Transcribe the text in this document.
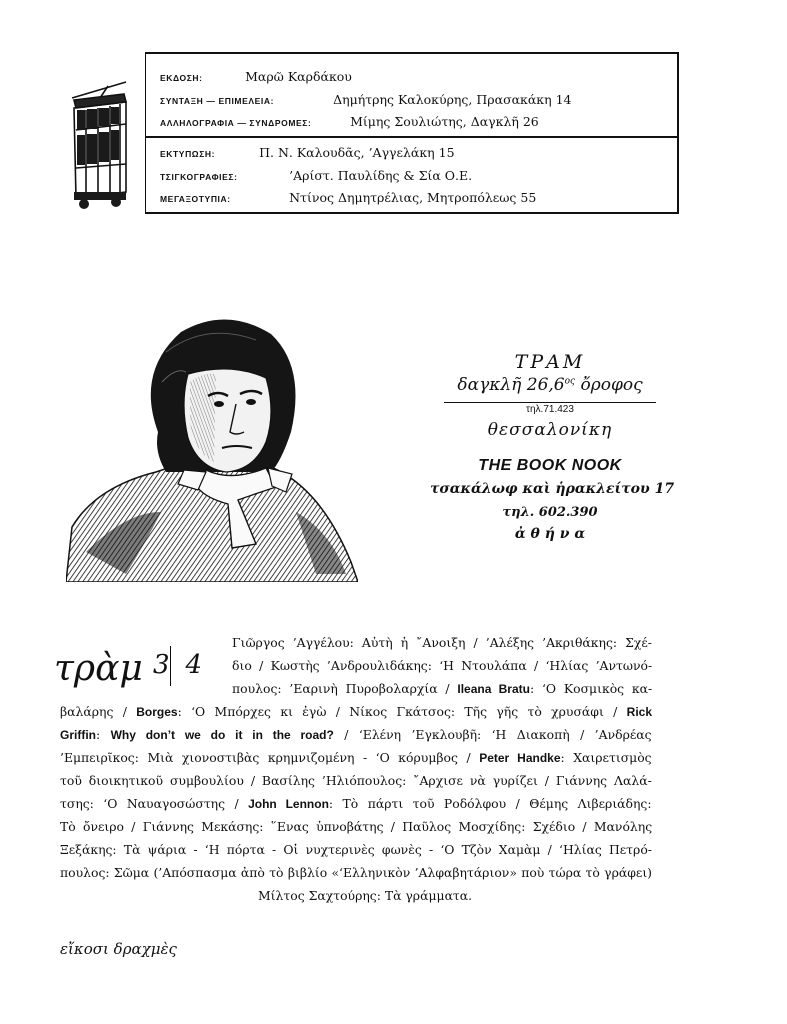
ΕΚΔΟΣΗ:	Μαρῶ Καρδάκου
ΣΥΝΤΑΞΗ — ΕΠΙΜΕΛΕΙΑ:	Δημήτρης Καλοκύρης, Πρασακάκη 14
ΑΛΛΗΛΟΓΡΑΦΙΑ — ΣΥΝΔΡΟΜΕΣ:	Μίμης Σουλιώτης, Δαγκλῆ 26
ΕΚΤΥΠΩΣΗ:	Π. Ν. Καλουδᾶς, ’Αγγελάκη 15
ΤΣΙΓΚΟΓΡΑΦΙΕΣ:	’Αρίστ. Παυλίδης & Σία Ο.Ε.
ΜΕΓΑΞΟΤΥΠΙΑ:	Ντίνος Δημητρέλιας, Μητροπόλεως 55
ΤΡΑΜ
δαγκλῆ $26,6^{o\varsigma}$ ὄροφος
τηλ.71.423
θεσσαλονίκη
THE BOOK NOOK
τσακάλωφ καὶ ἡρακλείτου 17
τηλ. 602.390
ἀ θ ή ν α
τρὰμ 3 4
Γιῶργος ’Αγγέλου: Αὐτὴ ἡ ῎Ανοιξη / ’Αλέξης ’Ακριθάκης: Σχέ-
διο / Κωστὴς ’Ανδρουλιδάκης: ‘Η Ντουλάπα / ‘Ηλίας ’Αντωνό-
πουλος: ’Εαρινὴ Πυροβολαρχία / Ileana Bratu: ‘Ο Κοσμικὸς κα-
βαλάρης / Borges: ‘Ο Μπόρχες κι ἐγὼ / Νίκος Γκάτσος: Τῆς γῆς τὸ χρυσάφι / Rick
Griffin: Why don’t we do it in the road? / ‘Ελένη ’Εγκλουβῆ: ‘Η Διακοπὴ / ’Ανδρέας
’Εμπειρῖκος: Μιὰ χιονοστιβὰς κρημνιζομένη - ‘Ο κόρυμβος / Peter Handke: Χαιρετισμὸς
τοῦ διοικητικοῦ συμβουλίου / Βασίλης ’Ηλιόπουλος: ῎Αρχισε νὰ γυρίζει / Γιάννης Λαλά-
τσης: ‘Ο Ναυαγοσώστης / John Lennon: Τὸ πάρτι τοῦ Ροδόλφου / Θέμης Λιβεριάδης:
Τὸ ὄνειρο / Γιάννης Μεκάσης: ῞Ενας ὑπνοβάτης / Παῦλος Μοσχίδης: Σχέδιο / Μανόλης
Ξεξάκης: Τὰ ψάρια - ‘Η πόρτα - Οἱ νυχτερινὲς φωνὲς - ‘Ο Τζὸν Χαμὰμ / ‘Ηλίας Πετρό-
πουλος: Σῶμα (’Απόσπασμα ἀπὸ τὸ βιβλίο «‘Ελληνικὸν ’Αλφαβητάριον» ποὺ τώρα τὸ γράφει)
Μίλτος Σαχτούρης: Τὰ γράμματα.
εἴκοσι δραχμὲς
